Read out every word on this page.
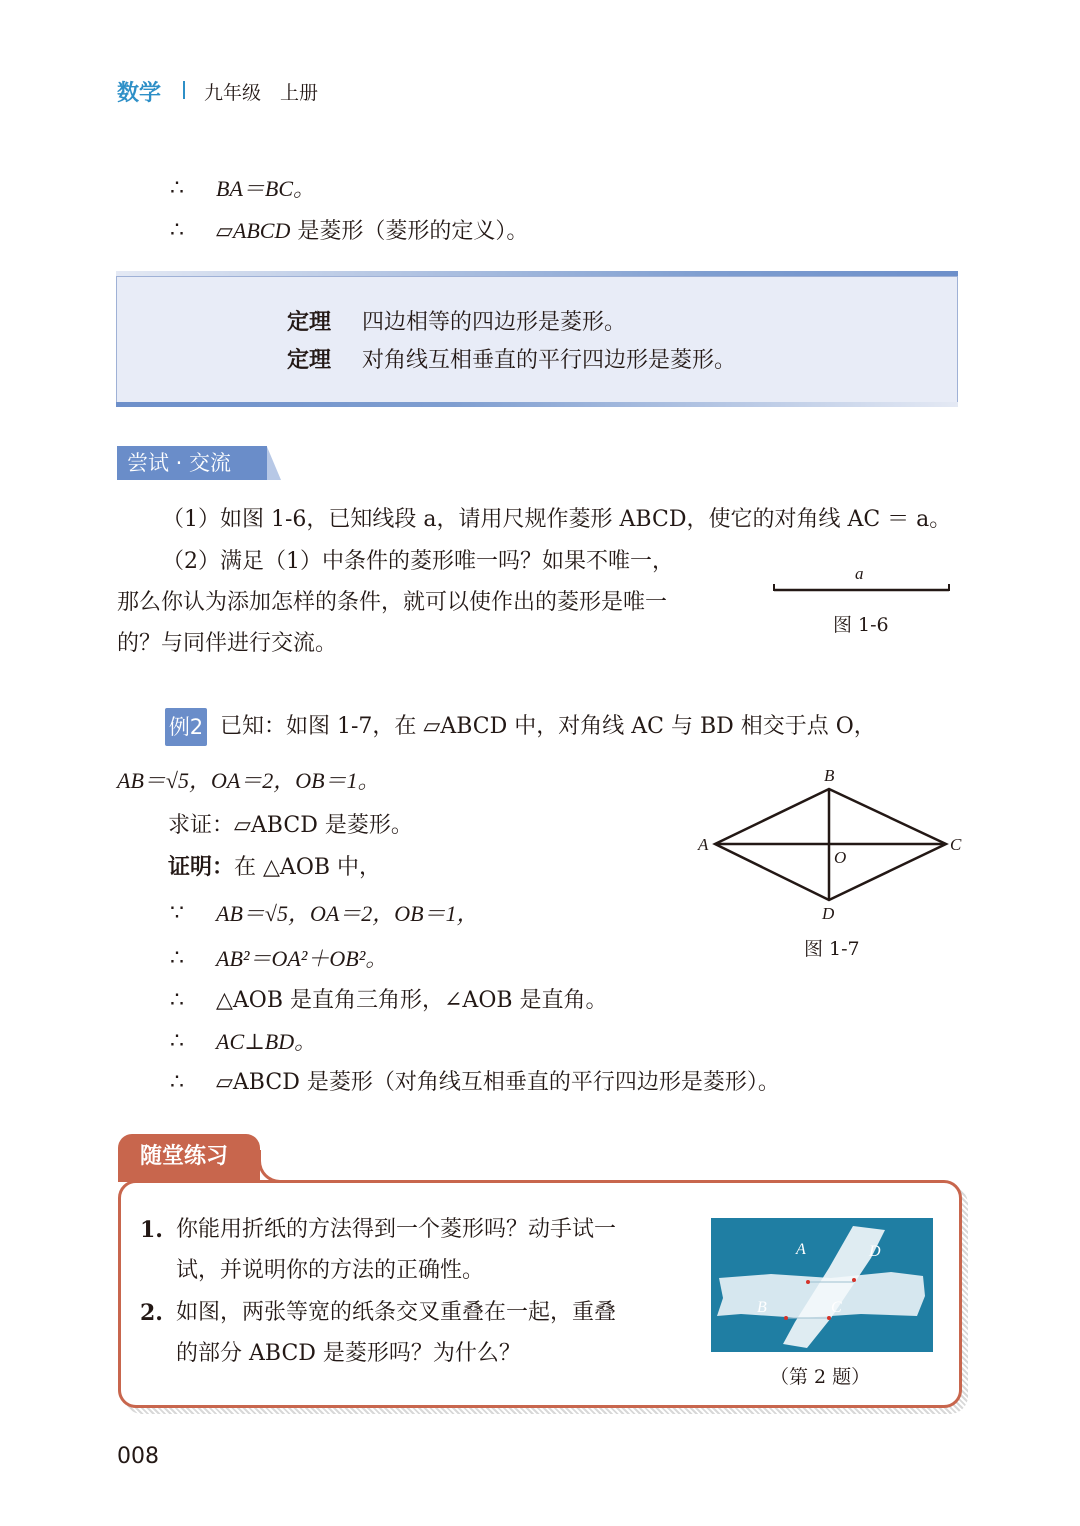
数学 九年级　上册
∴ BA＝BC。
∴ ▱ABCD 是菱形（菱形的定义）。
定理 四边相等的四边形是菱形。
定理 对角线互相垂直的平行四边形是菱形。
尝试 · 交流
（1）如图 1-6，已知线段 a，请用尺规作菱形 ABCD，使它的对角线 AC ＝ a。
（2）满足（1）中条件的菱形唯一吗？如果不唯一，
那么你认为添加怎样的条件，就可以使作出的菱形是唯一
的？与同伴进行交流。
a
图 1-6
例2 已知：如图 1-7，在 ▱ABCD 中，对角线 AC 与 BD 相交于点 O，
AB＝√5，OA＝2，OB＝1。
求证：▱ABCD 是菱形。
证明：在 △AOB 中，
∵ AB＝√5，OA＝2，OB＝1，
∴ AB²＝OA²＋OB²。
∴ △AOB 是直角三角形，∠AOB 是直角。
∴ AC⊥BD。
∴ ▱ABCD 是菱形（对角线互相垂直的平行四边形是菱形）。
B
A	C
O
D
图 1-7
随堂练习
1. 你能用折纸的方法得到一个菱形吗？动手试一
试，并说明你的方法的正确性。
2. 如图，两张等宽的纸条交叉重叠在一起，重叠
的部分 ABCD 是菱形吗？为什么？
A	D
B	C
（第 2 题）
008
